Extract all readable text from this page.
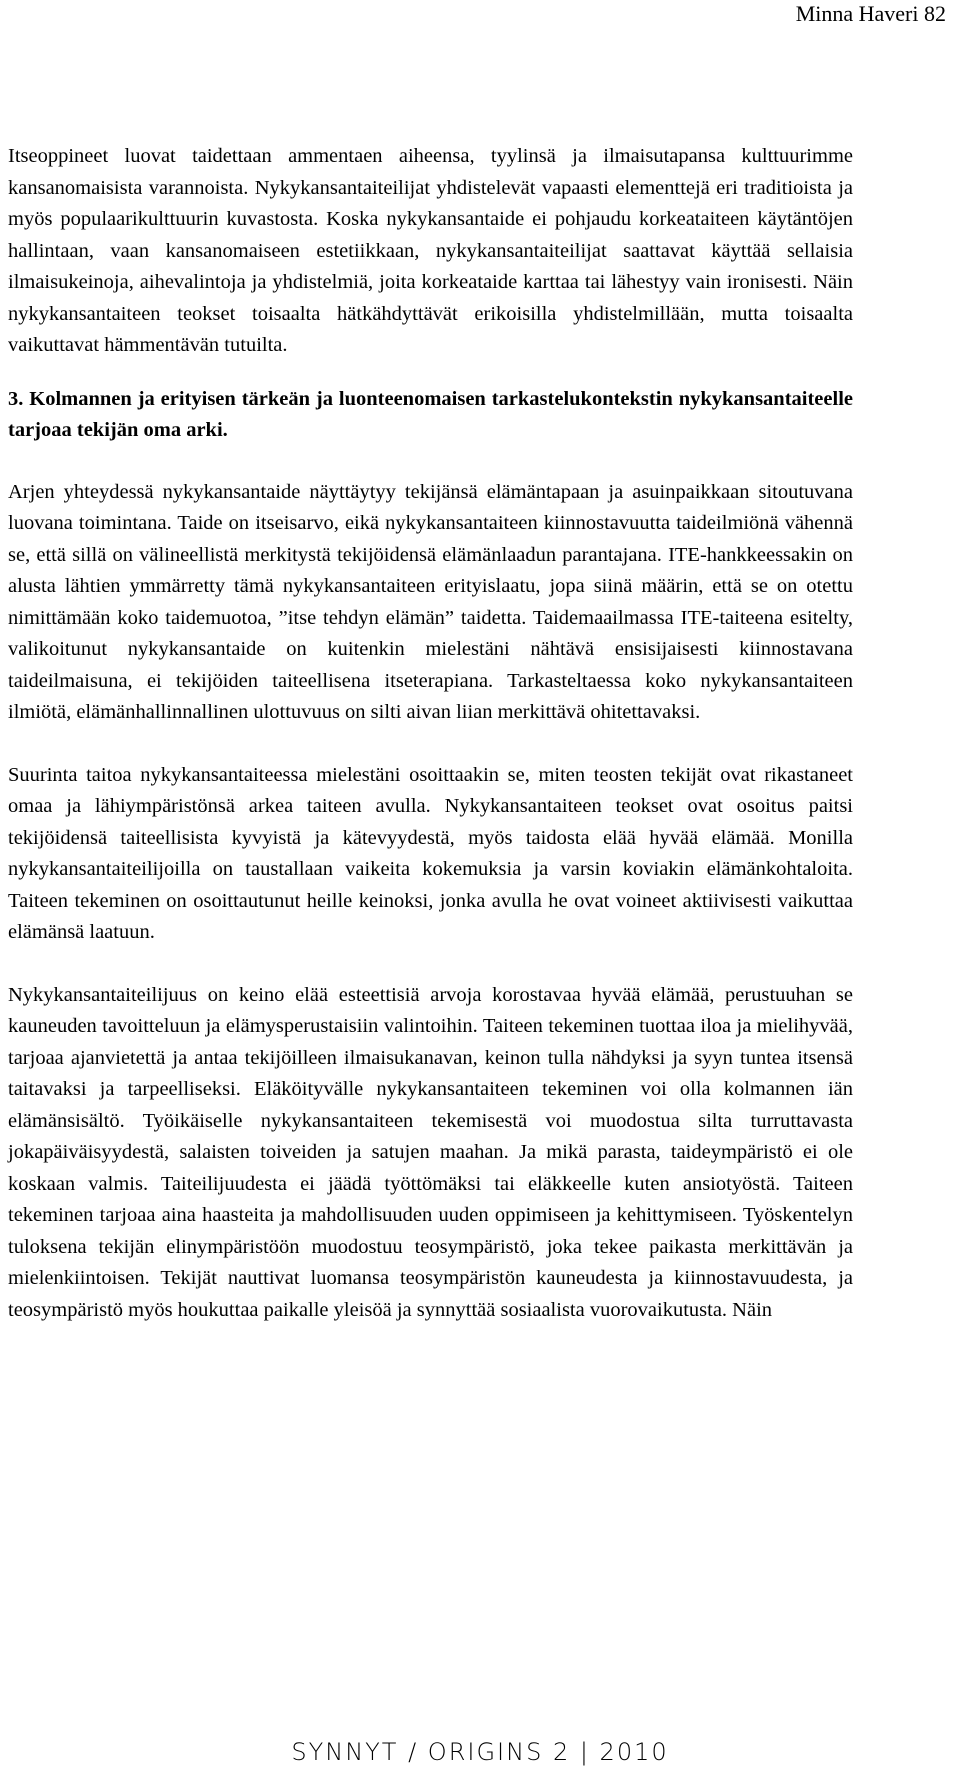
Minna Haveri 82

Itseoppineet luovat taidettaan ammentaen aiheensa, tyylinsä ja ilmaisutapansa kulttuurimme kansanomaisista varannoista. Nykykansantaiteilijat yhdistelevät vapaasti elementtejä eri traditioista ja myös populaarikulttuurin kuvastosta. Koska nykykansantaide ei pohjaudu korkeataiteen käytäntöjen hallintaan, vaan kansanomaiseen estetiikkaan, nykykansantaiteilijat saattavat käyttää sellaisia ilmaisukeinoja, aihevalintoja ja yhdistelmiä, joita korkeataide karttaa tai lähestyy vain ironisesti. Näin nykykansantaiteen teokset toisaalta hätkähdyttävät erikoisilla yhdistelmillään, mutta toisaalta vaikuttavat hämmentävän tutuilta.

3. Kolmannen ja erityisen tärkeän ja luonteenomaisen tarkastelukontekstin nykykansantaiteelle tarjoaa tekijän oma arki.

Arjen yhteydessä nykykansantaide näyttäytyy tekijänsä elämäntapaan ja asuinpaikkaan sitoutuvana luovana toimintana. Taide on itseisarvo, eikä nykykansantaiteen kiinnostavuutta taideilmiönä vähennä se, että sillä on välineellistä merkitystä tekijöidensä elämänlaadun parantajana. ITE-hankkeessakin on alusta lähtien ymmärretty tämä nykykansantaiteen erityislaatu, jopa siinä määrin, että se on otettu nimittämään koko taidemuotoa, ”itse tehdyn elämän” taidetta. Taidemaailmassa ITE-taiteena esitelty, valikoitunut nykykansantaide on kuitenkin mielestäni nähtävä ensisijaisesti kiinnostavana taideilmaisuna, ei tekijöiden taiteellisena itseterapiana. Tarkasteltaessa koko nykykansantaiteen ilmiötä, elämänhallinnallinen ulottuvuus on silti aivan liian merkittävä ohitettavaksi.

Suurinta taitoa nykykansantaiteessa mielestäni osoittaakin se, miten teosten tekijät ovat rikastaneet omaa ja lähiympäristönsä arkea taiteen avulla. Nykykansantaiteen teokset ovat osoitus paitsi tekijöidensä taiteellisista kyvyistä ja kätevyydestä, myös taidosta elää hyvää elämää. Monilla nykykansantaiteilijoilla on taustallaan vaikeita kokemuksia ja varsin koviakin elämänkohtaloita. Taiteen tekeminen on osoittautunut heille keinoksi, jonka avulla he ovat voineet aktiivisesti vaikuttaa elämänsä laatuun.

Nykykansantaiteilijuus on keino elää esteettisiä arvoja korostavaa hyvää elämää, perustuuhan se kauneuden tavoitteluun ja elämysperustaisiin valintoihin. Taiteen tekeminen tuottaa iloa ja mielihyvää, tarjoaa ajanvietettä ja antaa tekijöilleen ilmaisukanavan, keinon tulla nähdyksi ja syyn tuntea itsensä taitavaksi ja tarpeelliseksi. Eläköityvälle nykykansantaiteen tekeminen voi olla kolmannen iän elämänsisältö. Työikäiselle nykykansantaiteen tekemisestä voi muodostua silta turruttavasta jokapäiväisyydestä, salaisten toiveiden ja satujen maahan. Ja mikä parasta, taideympäristö ei ole koskaan valmis. Taiteilijuudesta ei jäädä työttömäksi tai eläkkeelle kuten ansiotyöstä. Taiteen tekeminen tarjoaa aina haasteita ja mahdollisuuden uuden oppimiseen ja kehittymiseen. Työskentelyn tuloksena tekijän elinympäristöön muodostuu teosympäristö, joka tekee paikasta merkittävän ja mielenkiintoisen. Tekijät nauttivat luomansa teosympäristön kauneudesta ja kiinnostavuudesta, ja teosympäristö myös houkuttaa paikalle yleisöä ja synnyttää sosiaalista vuorovaikutusta. Näin

SYNNYT / ORIGINS 2 | 2010
